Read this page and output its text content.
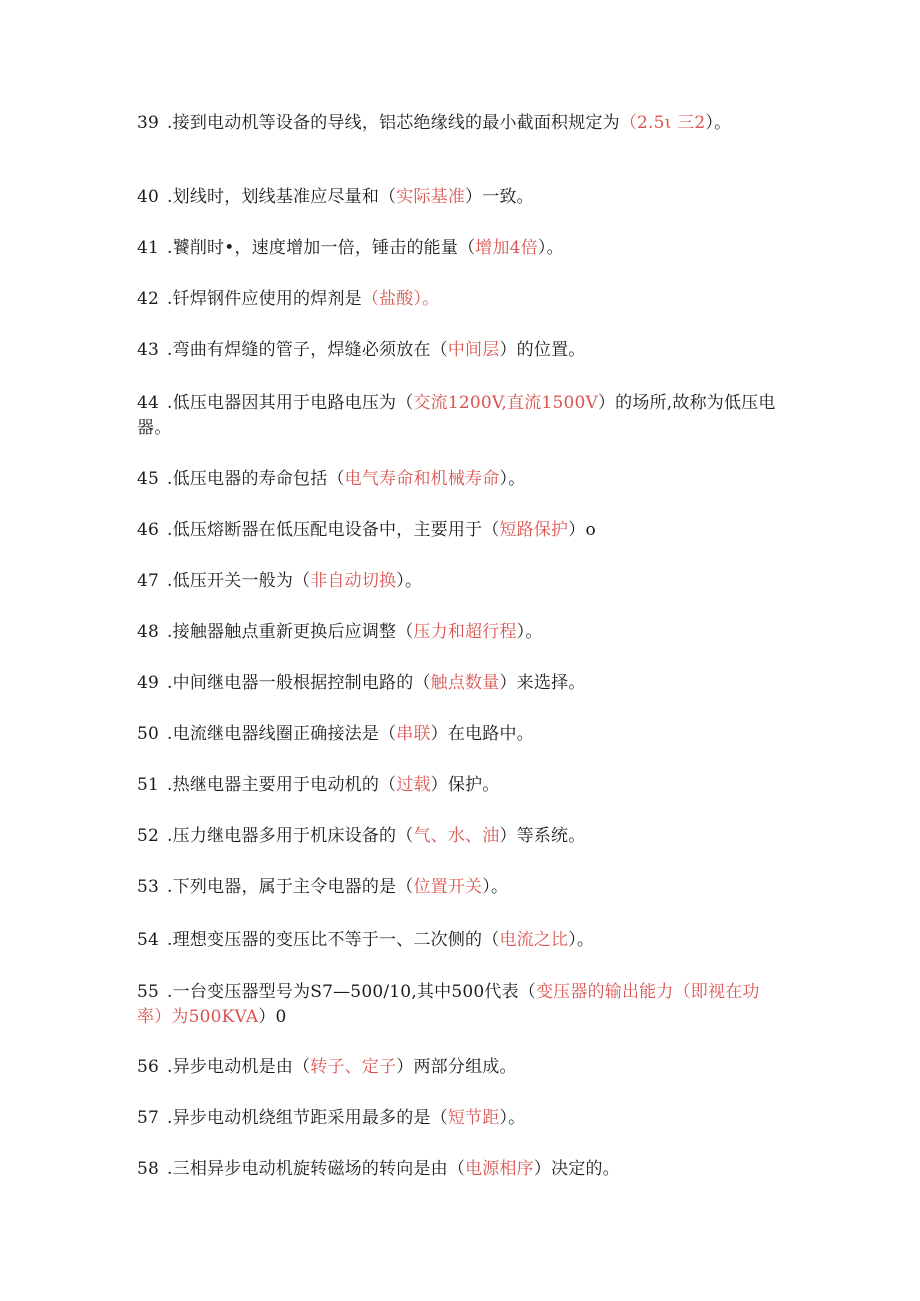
39 .接到电动机等设备的导线，铝芯绝缘线的最小截面积规定为（2.5ι 三2）。
40 .划线时，划线基准应尽量和（实际基准）一致。
41 .饕削时•，速度增加一倍，锤击的能量（增加4倍）。
42 .钎焊钢件应使用的焊剂是（盐酸）。
43 .弯曲有焊缝的管子，焊缝必须放在（中间层）的位置。
44 .低压电器因其用于电路电压为（交流1200V,直流1500V）的场所,故称为低压电器。
45 .低压电器的寿命包括（电气寿命和机械寿命）。
46 .低压熔断器在低压配电设备中，主要用于（短路保护）o
47 .低压开关一般为（非自动切换）。
48 .接触器触点重新更换后应调整（压力和超行程）。
49 .中间继电器一般根据控制电路的（触点数量）来选择。
50 .电流继电器线圈正确接法是（串联）在电路中。
51 .热继电器主要用于电动机的（过载）保护。
52 .压力继电器多用于机床设备的（气、水、油）等系统。
53 .下列电器，属于主令电器的是（位置开关）。
54 .理想变压器的变压比不等于一、二次侧的（电流之比）。
55 .一台变压器型号为S7—500/10,其中500代表（变压器的输出能力（即视在功率）为500KVA）0
56 .异步电动机是由（转子、定子）两部分组成。
57 .异步电动机绕组节距采用最多的是（短节距）。
58 .三相异步电动机旋转磁场的转向是由（电源相序）决定的。
